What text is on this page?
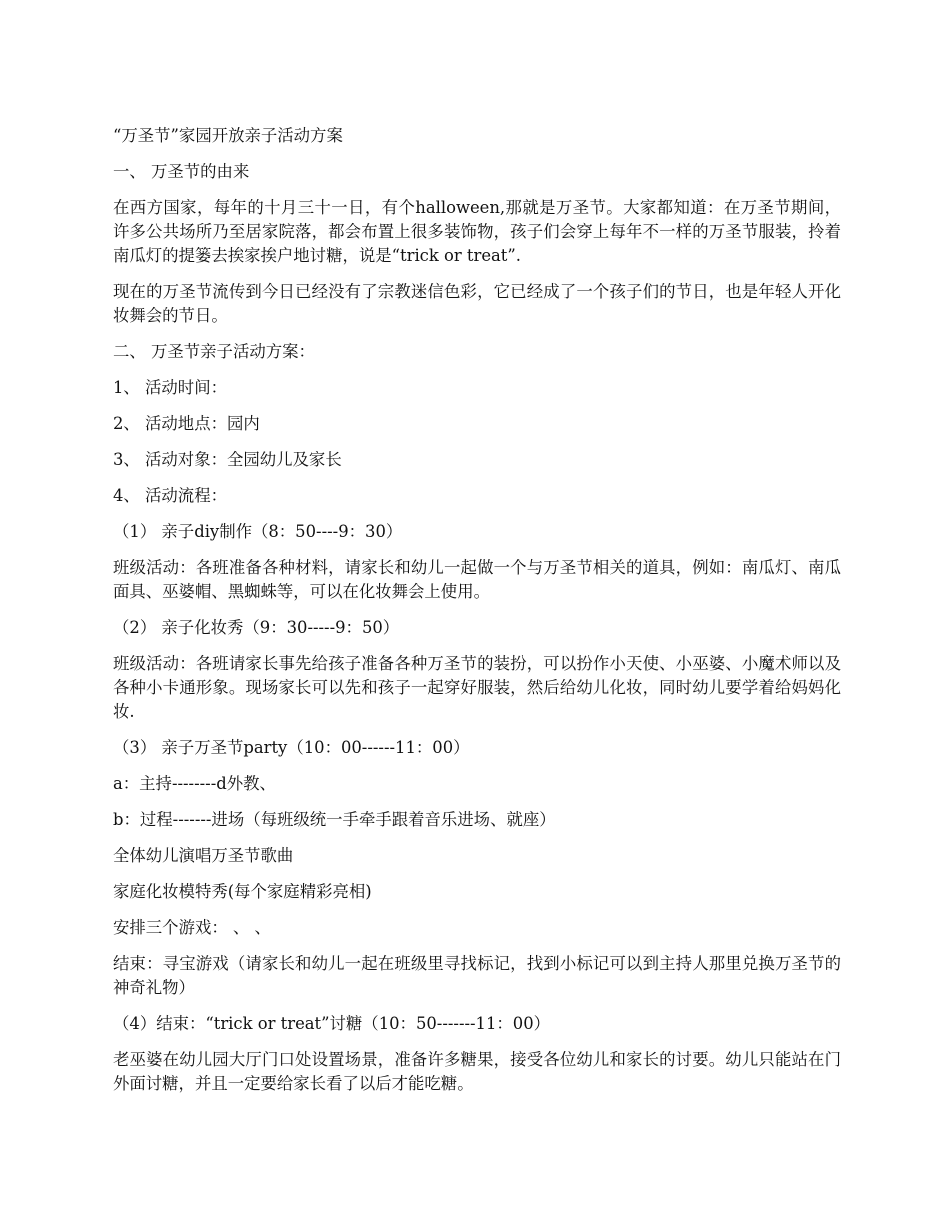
“万圣节”家园开放亲子活动方案

一、 万圣节的由来

在西方国家，每年的十月三十一日，有个halloween,那就是万圣节。大家都知道：在万圣节期间，许多公共场所乃至居家院落，都会布置上很多装饰物，孩子们会穿上每年不一样的万圣节服装，拎着南瓜灯的提篓去挨家挨户地讨糖，说是“trick or treat”.

现在的万圣节流传到今日已经没有了宗教迷信色彩，它已经成了一个孩子们的节日，也是年轻人开化妆舞会的节日。

二、 万圣节亲子活动方案：

1、 活动时间：

2、 活动地点：园内

3、 活动对象：全园幼儿及家长

4、 活动流程：

（1） 亲子diy制作（8：50----9：30）

班级活动：各班准备各种材料，请家长和幼儿一起做一个与万圣节相关的道具，例如：南瓜灯、南瓜面具、巫婆帽、黑蜘蛛等，可以在化妆舞会上使用。

（2） 亲子化妆秀（9：30-----9：50）

班级活动：各班请家长事先给孩子准备各种万圣节的装扮，可以扮作小天使、小巫婆、小魔术师以及各种小卡通形象。现场家长可以先和孩子一起穿好服装，然后给幼儿化妆，同时幼儿要学着给妈妈化妆.

（3） 亲子万圣节party（10：00------11：00）

a：主持--------d外教、

b：过程-------进场（每班级统一手牵手跟着音乐进场、就座）

全体幼儿演唱万圣节歌曲

家庭化妆模特秀(每个家庭精彩亮相)

安排三个游戏： 、 、

结束：寻宝游戏（请家长和幼儿一起在班级里寻找标记，找到小标记可以到主持人那里兑换万圣节的神奇礼物）

（4）结束：“trick or treat”讨糖（10：50-------11：00）

老巫婆在幼儿园大厅门口处设置场景，准备许多糖果，接受各位幼儿和家长的讨要。幼儿只能站在门外面讨糖，并且一定要给家长看了以后才能吃糖。
